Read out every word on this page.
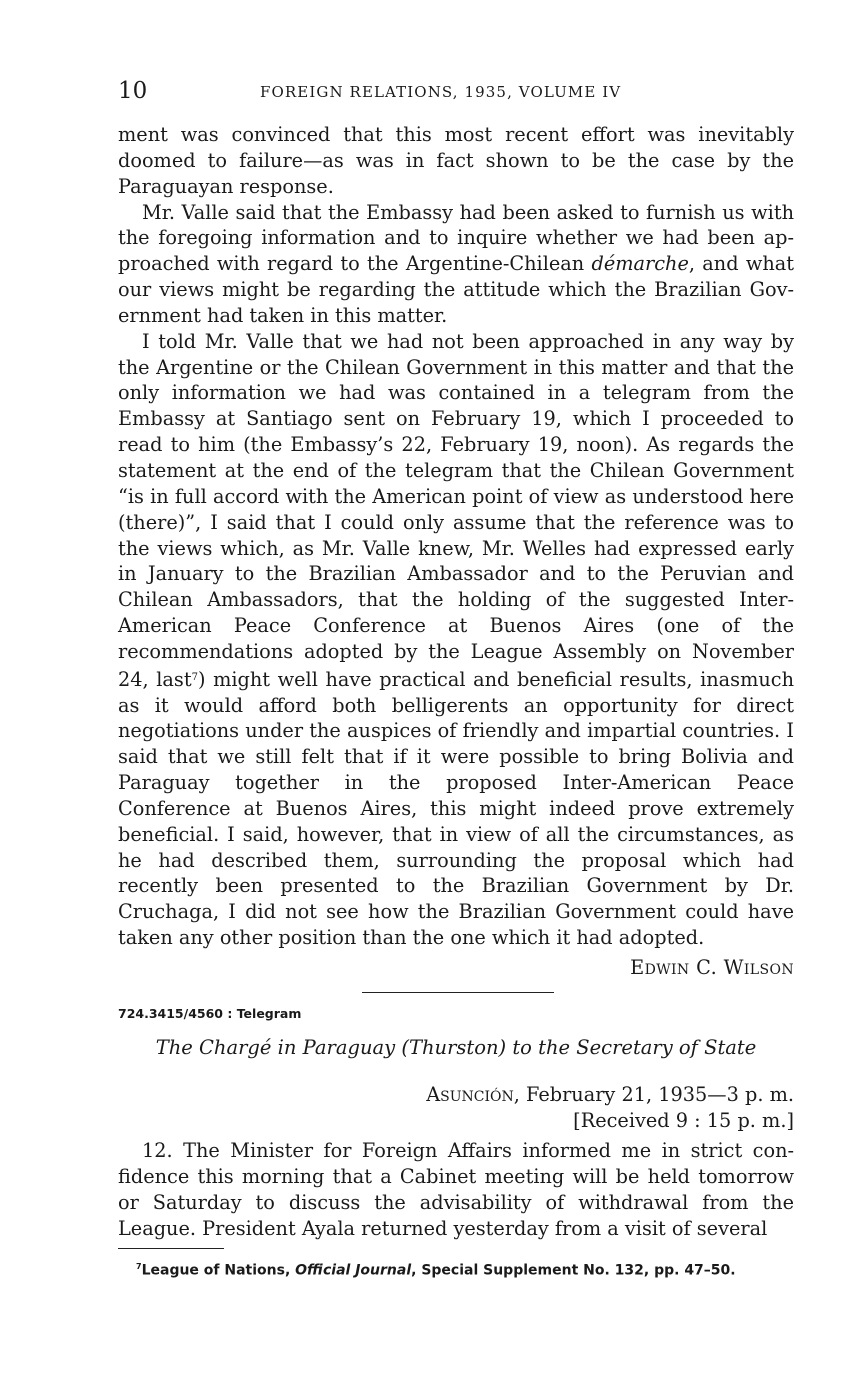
10	FOREIGN RELATIONS, 1935, VOLUME IV

ment was convinced that this most recent effort was inevitably doomed to failure—as was in fact shown to be the case by the Paraguayan response.

Mr. Valle said that the Embassy had been asked to furnish us with the foregoing information and to inquire whether we had been approached with regard to the Argentine-Chilean démarche, and what our views might be regarding the attitude which the Brazilian Government had taken in this matter.

I told Mr. Valle that we had not been approached in any way by the Argentine or the Chilean Government in this matter and that the only information we had was contained in a telegram from the Embassy at Santiago sent on February 19, which I proceeded to read to him (the Embassy’s 22, February 19, noon). As regards the statement at the end of the telegram that the Chilean Government “is in full accord with the American point of view as understood here (there)”, I said that I could only assume that the reference was to the views which, as Mr. Valle knew, Mr. Welles had expressed early in January to the Brazilian Ambassador and to the Peruvian and Chilean Ambassadors, that the holding of the suggested Inter-American Peace Conference at Buenos Aires (one of the recommendations adopted by the League Assembly on November 24, last$^7$) might well have practical and beneficial results, inasmuch as it would afford both belligerents an opportunity for direct negotiations under the auspices of friendly and impartial countries. I said that we still felt that if it were possible to bring Bolivia and Paraguay together in the proposed Inter-American Peace Conference at Buenos Aires, this might indeed prove extremely beneficial. I said, however, that in view of all the circumstances, as he had described them, surrounding the proposal which had recently been presented to the Brazilian Government by Dr. Cruchaga, I did not see how the Brazilian Government could have taken any other position than the one which it had adopted.

Edwin C. Wilson
724.3415/4560 : Telegram
The Chargé in Paraguay (Thurston) to the Secretary of State
Asunción, February 21, 1935—3 p. m.
[Received 9 : 15 p. m.]

12. The Minister for Foreign Affairs informed me in strict confidence this morning that a Cabinet meeting will be held tomorrow or Saturday to discuss the advisability of withdrawal from the League. President Ayala returned yesterday from a visit of several

$^7$League of Nations, Official Journal, Special Supplement No. 132, pp. 47–50.
